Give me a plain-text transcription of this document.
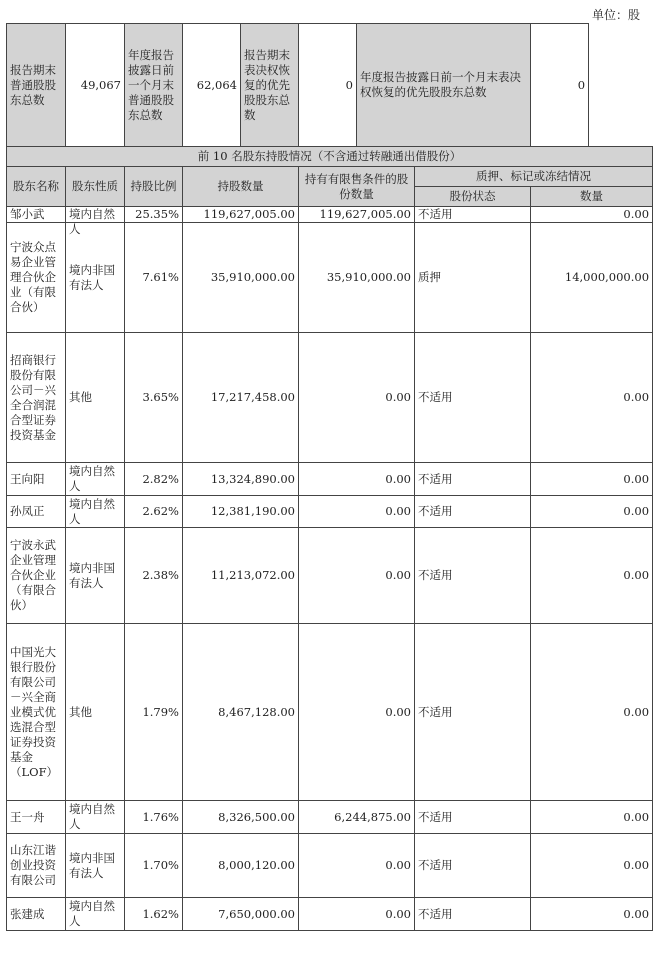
单位：股
报告期末普通股股东总数	49,067	年度报告披露日前一个月末普通股股东总数	62,064	报告期末表决权恢复的优先股股东总数	0	年度报告披露日前一个月末表决权恢复的优先股股东总数		0
前 10 名股东持股情况（不含通过转融通出借股份）								
股东名称	股东性质	持股比例	持股数量		持有有限售条件的股份数量		质押、标记或冻结情况	
							股份状态	数量
邹小武	境内自然人	25.35%	119,627,005.00		119,627,005.00		不适用	0.00
宁波众点易企业管理合伙企业（有限合伙）	境内非国有法人	7.61%	35,910,000.00		35,910,000.00		质押	14,000,000.00
招商银行股份有限公司－兴全合润混合型证券投资基金	其他	3.65%	17,217,458.00		0.00		不适用	0.00
王向阳	境内自然人	2.82%	13,324,890.00		0.00		不适用	0.00
孙凤正	境内自然人	2.62%	12,381,190.00		0.00		不适用	0.00
宁波永武企业管理合伙企业（有限合伙）	境内非国有法人	2.38%	11,213,072.00		0.00		不适用	0.00
中国光大银行股份有限公司－兴全商业模式优选混合型证券投资基金（LOF）	其他	1.79%	8,467,128.00		0.00		不适用	0.00
王一舟	境内自然人	1.76%	8,326,500.00		6,244,875.00		不适用	0.00
山东江谐创业投资有限公司	境内非国有法人	1.70%	8,000,120.00		0.00		不适用	0.00
张建成	境内自然人	1.62%	7,650,000.00		0.00		不适用	0.00
